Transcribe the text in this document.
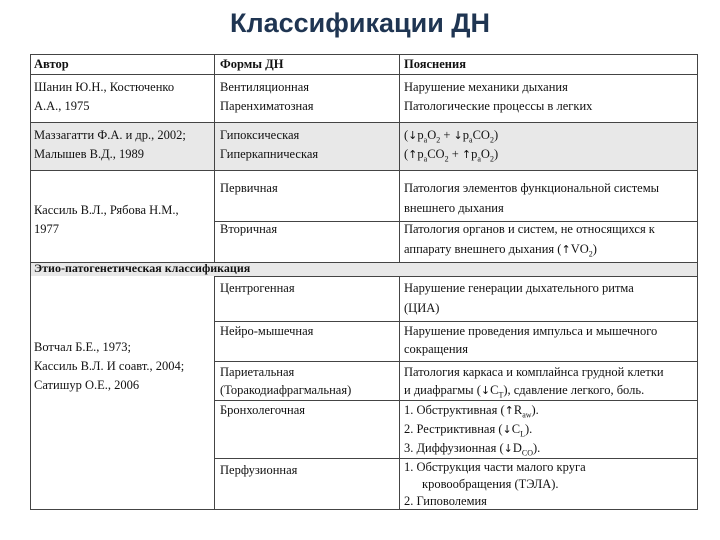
Классификации ДН
Автор	Формы ДН	Пояснения
Шанин Ю.Н., Костюченко
А.А., 1975
Вентиляционная
Паренхиматозная
Нарушение механики дыхания
Патологические процессы в легких
Маззагатти Ф.А. и др., 2002;
Малышев В.Д., 1989
Гипоксическая
Гиперкапническая
($↓p_aO_2$ + $↓p_aCO_2$)
($↑p_aCO_2$ + $↑p_aO_2$)
Кассиль В.Л., Рябова Н.М.,
1977
Первичная
Вторичная
Патология элементов функциональной системы
внешнего дыхания
Патология органов и систем, не относящихся к
аппарату внешнего дыхания $(↑VO_2)$
Этио-патогенетическая классификация
Вотчал Б.Е., 1973;
Кассиль В.Л. И соавт., 2004;
Сатишур О.Е., 2006
Центрогенная
Нейро-мышечная
Париетальная
(Торакодиафрагмальная)
Бронхолегочная
Перфузионная
Нарушение генерации дыхательного ритма
(ЦИА)
Нарушение проведения импульса и мышечного
сокращения
Патология каркаса и комплайнса грудной клетки
и диафрагмы $(↓C_T)$, сдавление легкого, боль.
1. Обструктивная $(↑R_{aw})$.
2. Рестриктивная $(↓C_L)$.
3. Диффузионная $(↓D_{CO})$.
1. Обструкция части малого круга
кровообращения (ТЭЛА).
2. Гиповолемия
